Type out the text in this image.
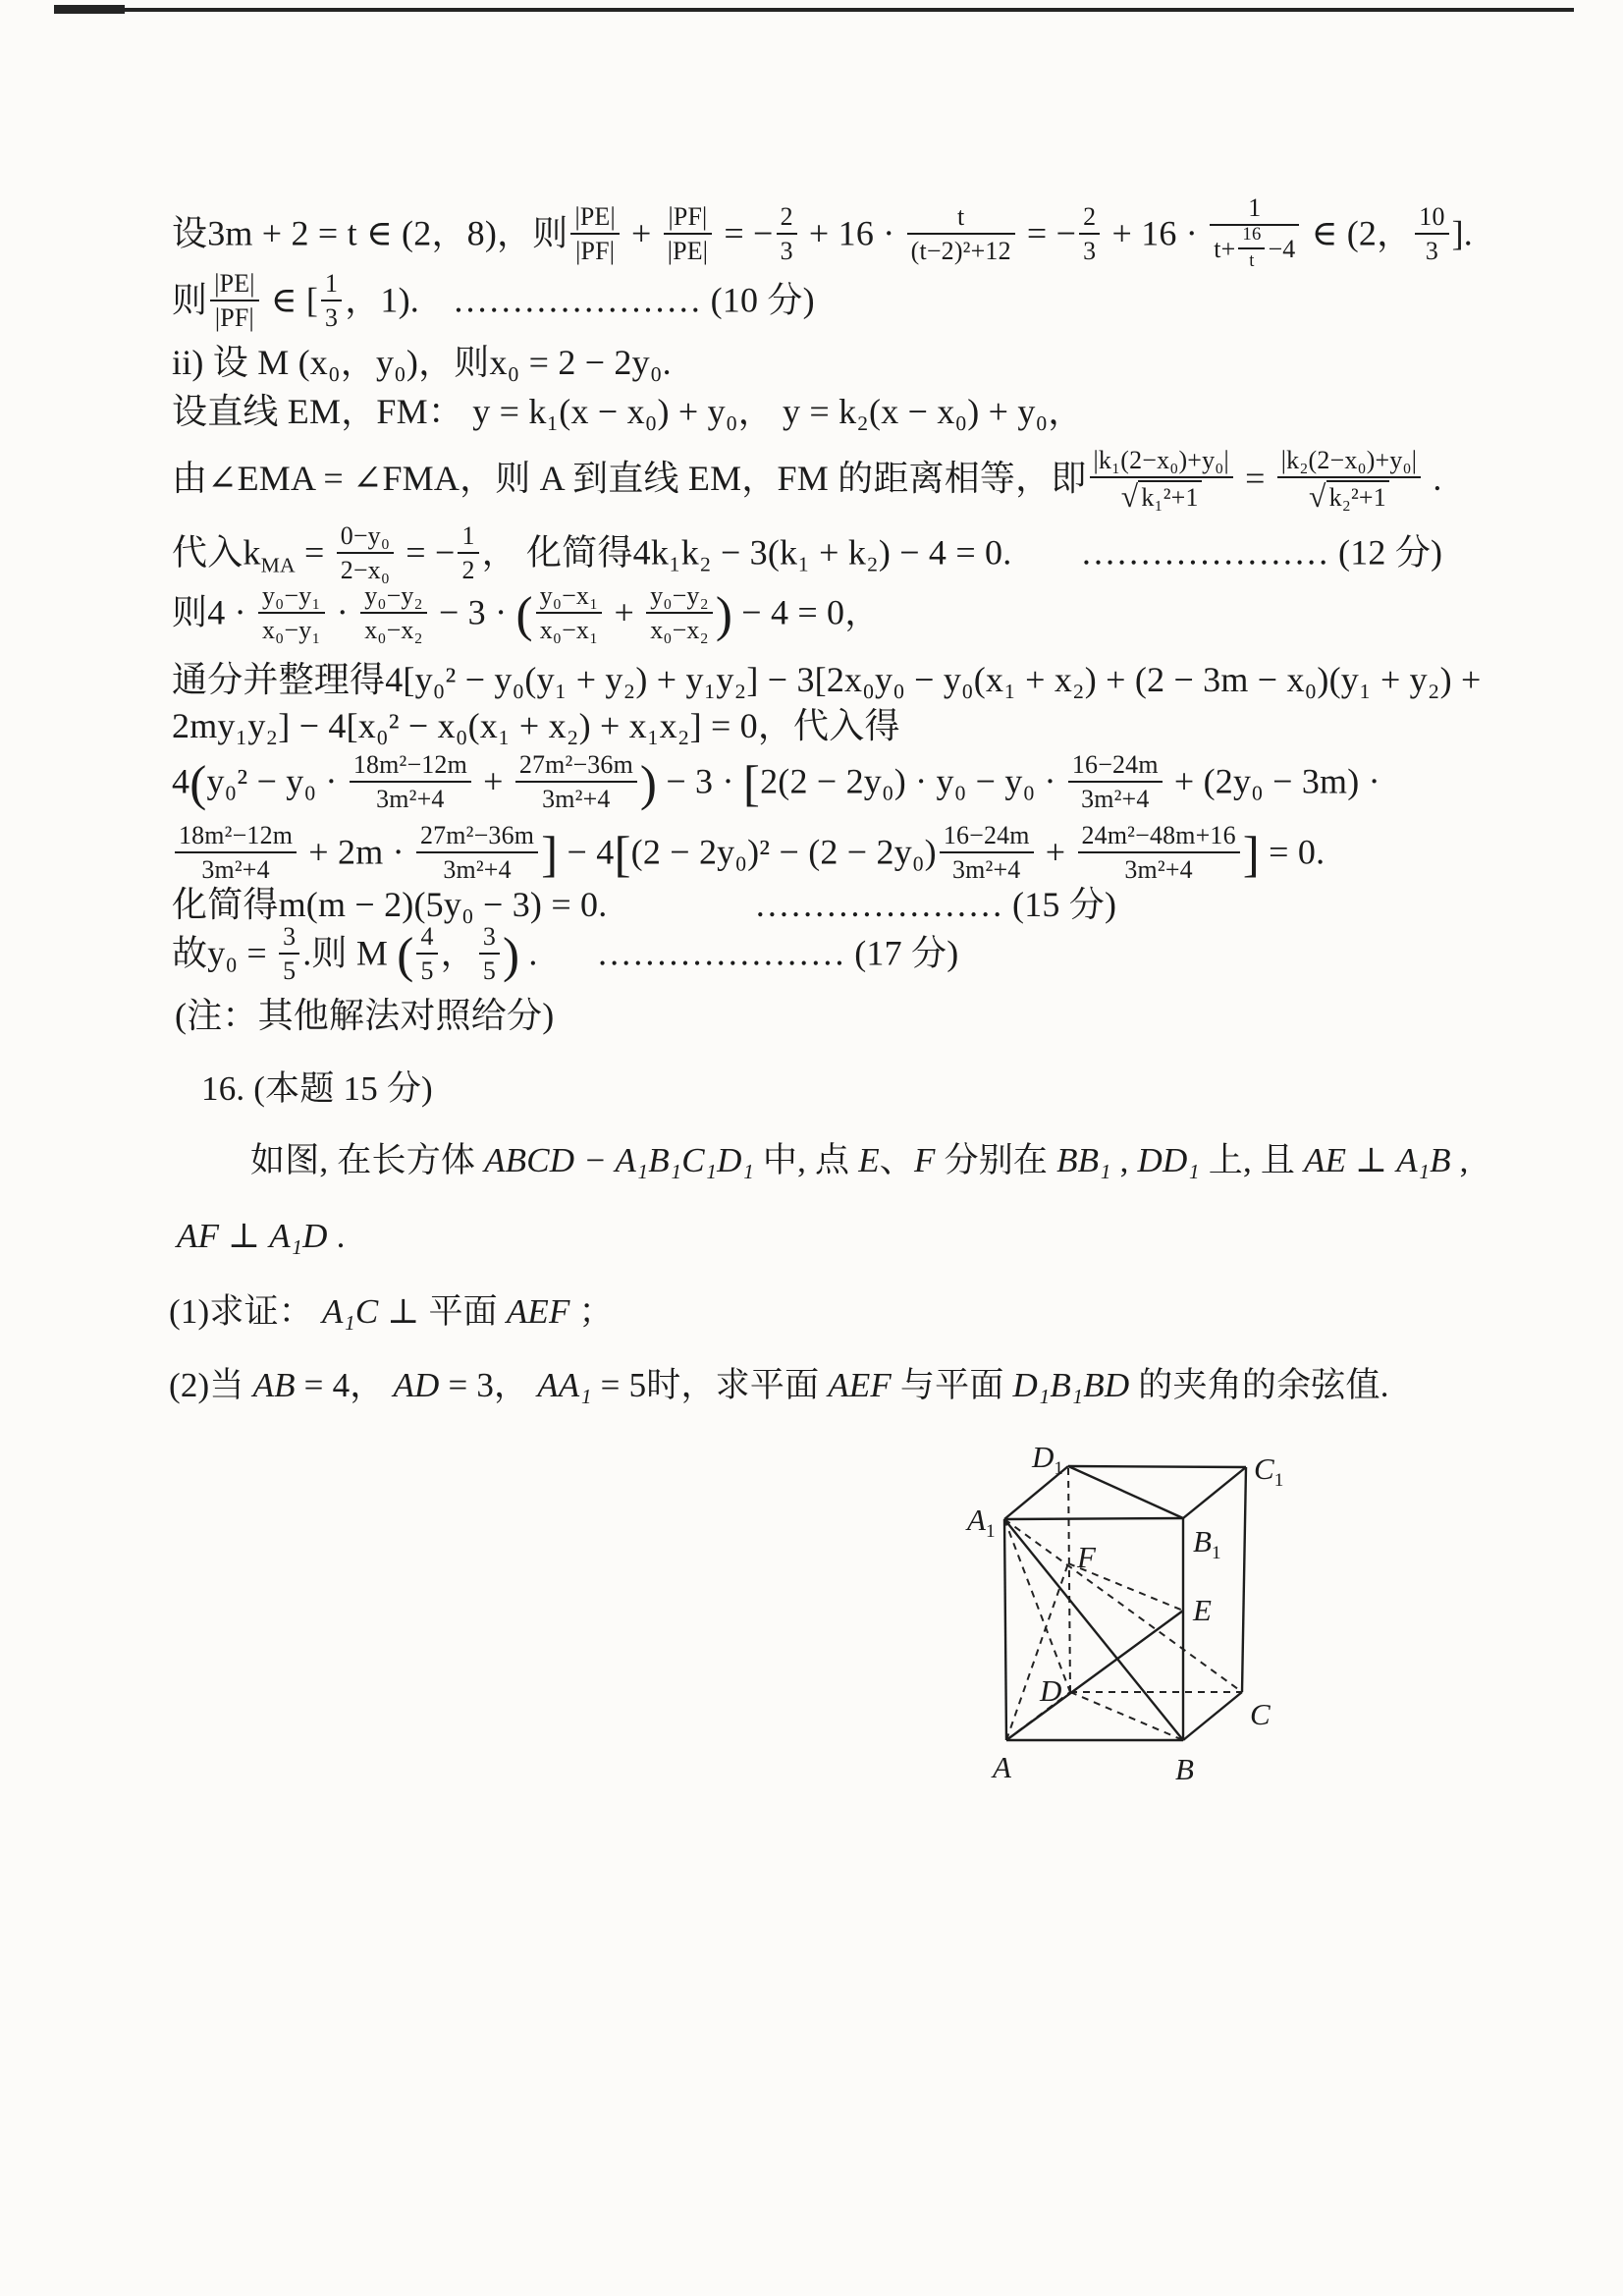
设3m + 2 = t ∈ (2，8)，则 $\frac{|PE|}{|PF|} + \frac{|PF|}{|PE|}$ = − $\frac{2}{3} + 16 \cdot \frac{t}{\text{(t−2)²+12}}$ = − $\frac{2}{3} + 16 \cdot \frac{1}{t+ \frac{16}{t} -4}$ ∈ (2， $\frac{10}{3}$ ].
则 $\frac{|PE|}{|PF|}$ ∈ [ $\frac{1}{3}$ ，1). ………………… (10 分)
ii) 设 M (x₀，y₀)，则x₀ = 2 − 2y₀.
设直线 EM，FM： y = k₁(x − x₀) + y₀， y = k₂(x − x₀) + y₀，
由∠EMA = ∠FMA，则 A 到直线 EM，FM 的距离相等，即 $\frac{\text{|k₁(2−x₀)+y₀|}}{\text{√ k₁²+1}} = \frac{\text{|k₂(2−x₀)+y₀|}}{\text{√ k₂²+1}}$ .
代入$k_{MA} = \frac{\text{0−y₀}}{\text{2−x₀}}$ = − $\frac{1}{2}$ ， 化简得4k₁k₂ − 3(k₁ + k₂) − 4 = 0. ………………… (12 分)
则$4 \cdot \frac{\text{y₀−y₁}}{\text{x₀−y₁}} \cdot \frac{\text{y₀−y₂}}{\text{x₀−x₂}} - 3$ · ( $\frac{\text{y₀−x₁}}{\text{x₀−x₁}} + \frac{\text{y₀−y₂}}{\text{x₀−x₂}}$ ) − 4 = 0，
通分并整理得4[y₀² − y₀(y₁ + y₂) + y₁y₂] − 3[2x₀y₀ − y₀(x₁ + x₂) + (2 − 3m − x₀)(y₁ + y₂) +
2my₁y₂] − 4[x₀² − x₀(x₁ + x₂) + x₁x₂] = 0，代入得
$4(y_0^2 - y_0 \cdot \frac{\text{18m²−12m}}{\text{3m²+4}} + \frac{\text{27m²−36m}}{\text{3m²+4}}$ ) − $3 \cdot [2(2 - 2y_0) \cdot y_0 - y_0 \cdot \frac{16-24m}{\text{3m²+4}} + (2y_0 - 3m)$ ·
$\frac{\text{18m²−12m}}{\text{3m²+4}} + 2m \cdot \frac{\text{27m²−36m}}{\text{3m²+4}}$ ] − $4[(2 - 2y_0)^2 - (2 - 2y_0) \frac{16-24m}{\text{3m²+4}} + \frac{\text{24m²−48m+16}}{\text{3m²+4}}$ ] = 0.
化简得m(m − 2)(5y₀ − 3) = 0.	………………… (15 分)
故$y_0 = \frac{3}{5}$ .则 M ( $\frac{4}{5}$ ， $\frac{3}{5}$ ) . ………………… (17 分)
(注：其他解法对照给分)
16. (本题 15 分)
如图, 在长方体 ABCD − A₁B₁C₁D₁ 中, 点 E、F 分别在 BB₁ , DD₁ 上, 且 AE ⊥ A₁B ,
AF ⊥ A₁D .
(1)求证： A₁C ⊥ 平面 AEF ；
(2)当 AB = 4， AD = 3， AA₁ = 5时，求平面 AEF 与平面 D₁B₁BD 的夹角的余弦值.
$D_1$	$C_1$
$A_1$	$B_1$
F
E
D
C
A	B
